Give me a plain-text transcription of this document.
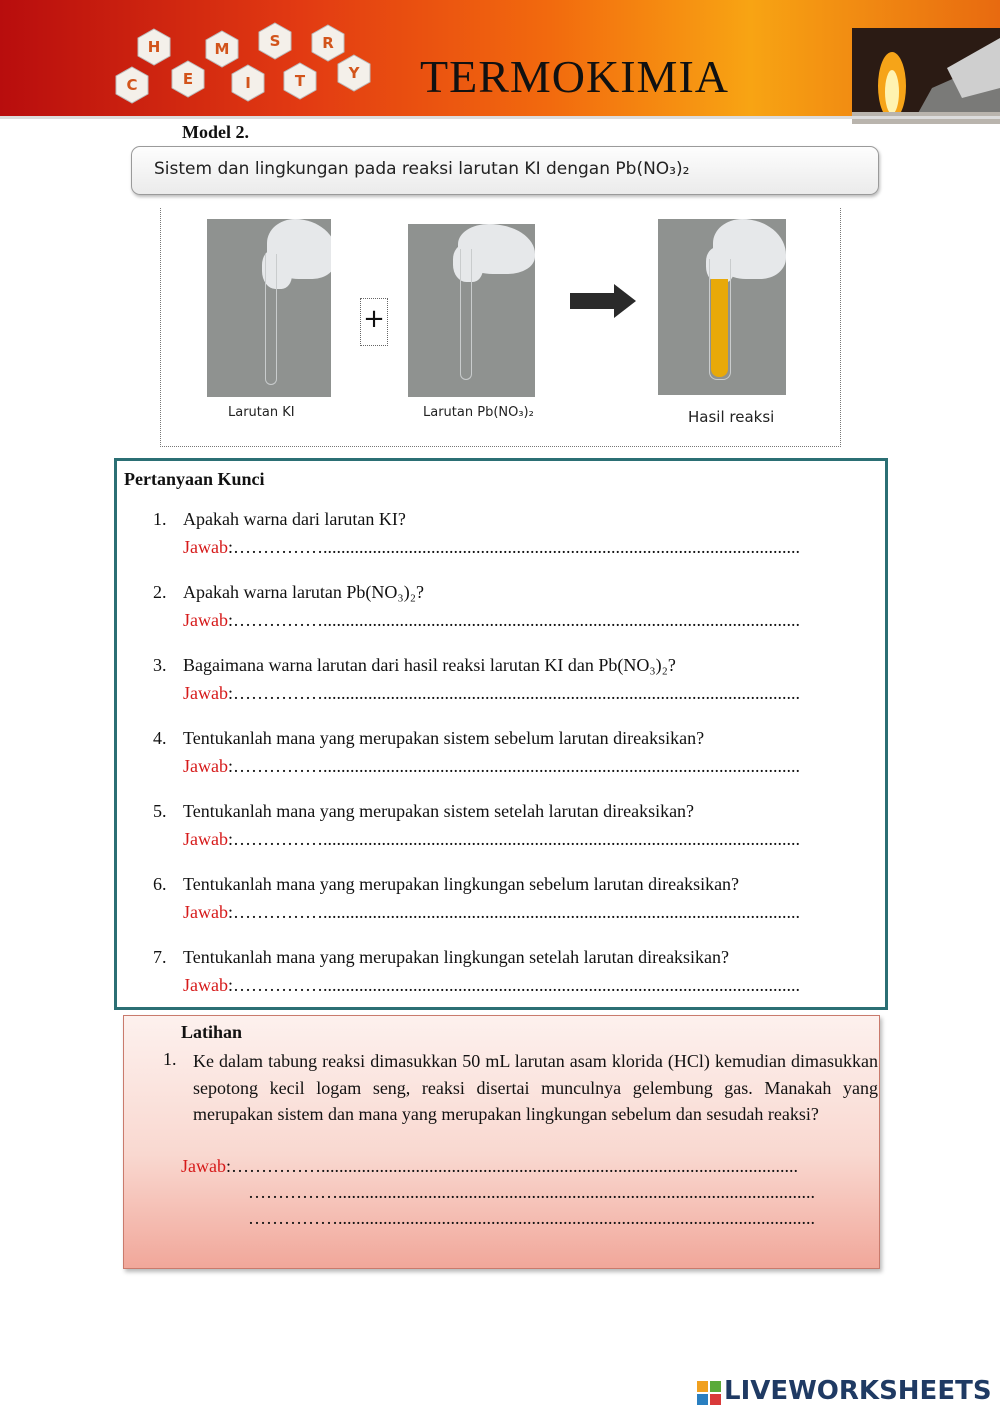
H	M	S	R
C	E	I	T	Y TERMOKIMIA
Model 2.
Sistem dan lingkungan pada reaksi larutan KI dengan Pb(NO₃)₂
Larutan KI
+
Larutan Pb(NO₃)₂	Hasil reaksi
Pertanyaan Kunci
1. Apakah warna dari larutan KI?
Jawab:……………..........................................................................................................
2. Apakah warna larutan Pb(NO₃)₂?
Jawab:……………..........................................................................................................
3. Bagaimana warna larutan dari hasil reaksi larutan KI dan Pb(NO₃)₂?
Jawab:……………..........................................................................................................
4. Tentukanlah mana yang merupakan sistem sebelum larutan direaksikan?
Jawab:……………..........................................................................................................
5. Tentukanlah mana yang merupakan sistem setelah larutan direaksikan?
Jawab:……………..........................................................................................................
6. Tentukanlah mana yang merupakan lingkungan sebelum larutan direaksikan?
Jawab:……………..........................................................................................................
7. Tentukanlah mana yang merupakan lingkungan setelah larutan direaksikan?
Jawab:……………..........................................................................................................
Latihan
1. Ke dalam tabung reaksi dimasukkan 50 mL larutan asam klorida (HCl) kemudian dimasukkan sepotong kecil logam seng, reaksi disertai munculnya gelembung gas. Manakah yang merupakan sistem dan mana yang merupakan lingkungan sebelum dan sesudah reaksi?
Jawab:……………..........................................................................................................
……………..........................................................................................................
……………..........................................................................................................
LIVEWORKSHEETS
